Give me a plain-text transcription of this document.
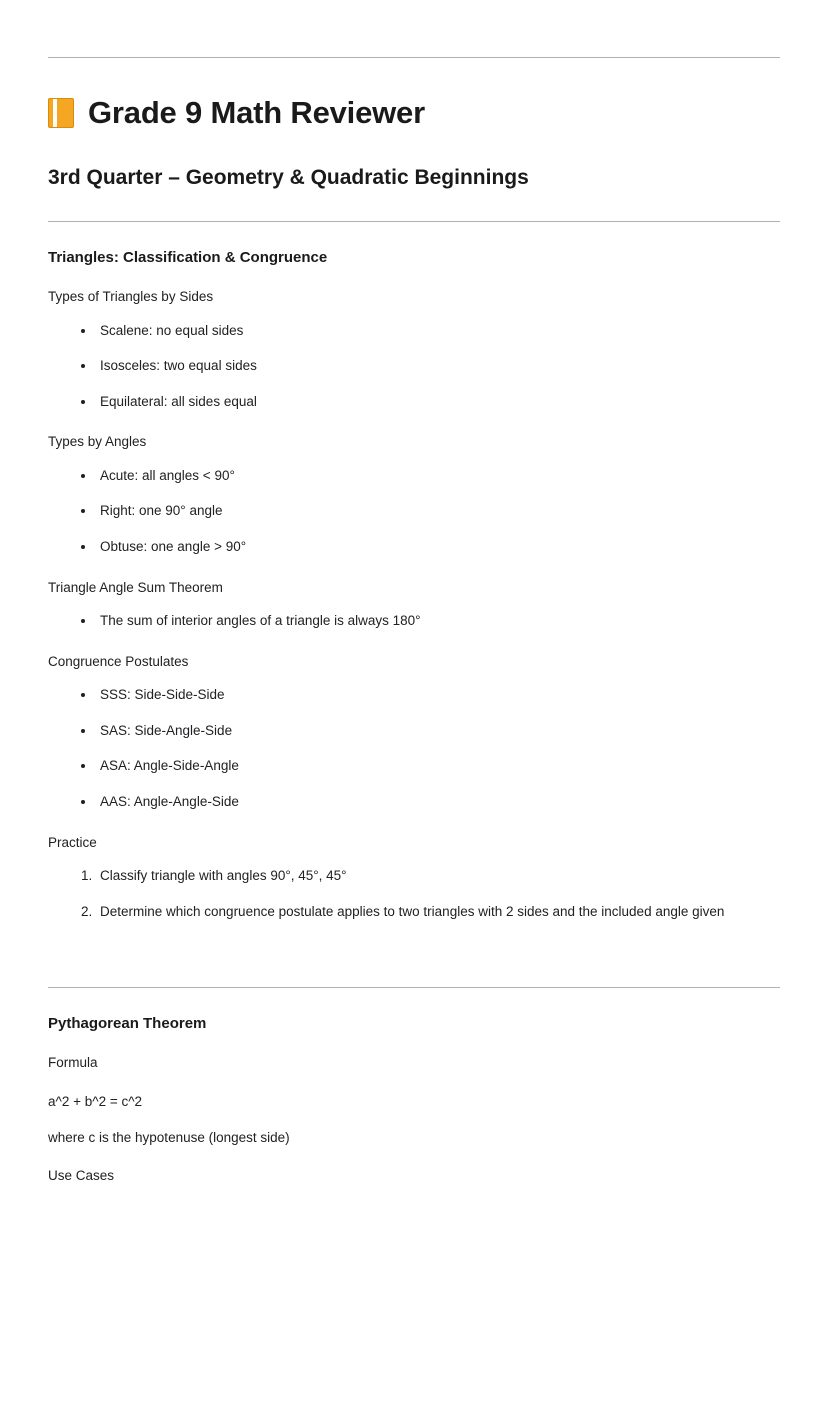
Grade 9 Math Reviewer
3rd Quarter – Geometry & Quadratic Beginnings
Triangles: Classification & Congruence

Types of Triangles by Sides

• Scalene: no equal sides
• Isosceles: two equal sides
• Equilateral: all sides equal

Types by Angles

• Acute: all angles < 90°
• Right: one 90° angle
• Obtuse: one angle > 90°

Triangle Angle Sum Theorem

• The sum of interior angles of a triangle is always 180°

Congruence Postulates

• SSS: Side-Side-Side
• SAS: Side-Angle-Side
• ASA: Angle-Side-Angle
• AAS: Angle-Angle-Side

Practice

1. Classify triangle with angles 90°, 45°, 45°
2. Determine which congruence postulate applies to two triangles with 2 sides and the included angle given
Pythagorean Theorem

Formula

a^2 + b^2 = c^2

where c is the hypotenuse (longest side)

Use Cases
